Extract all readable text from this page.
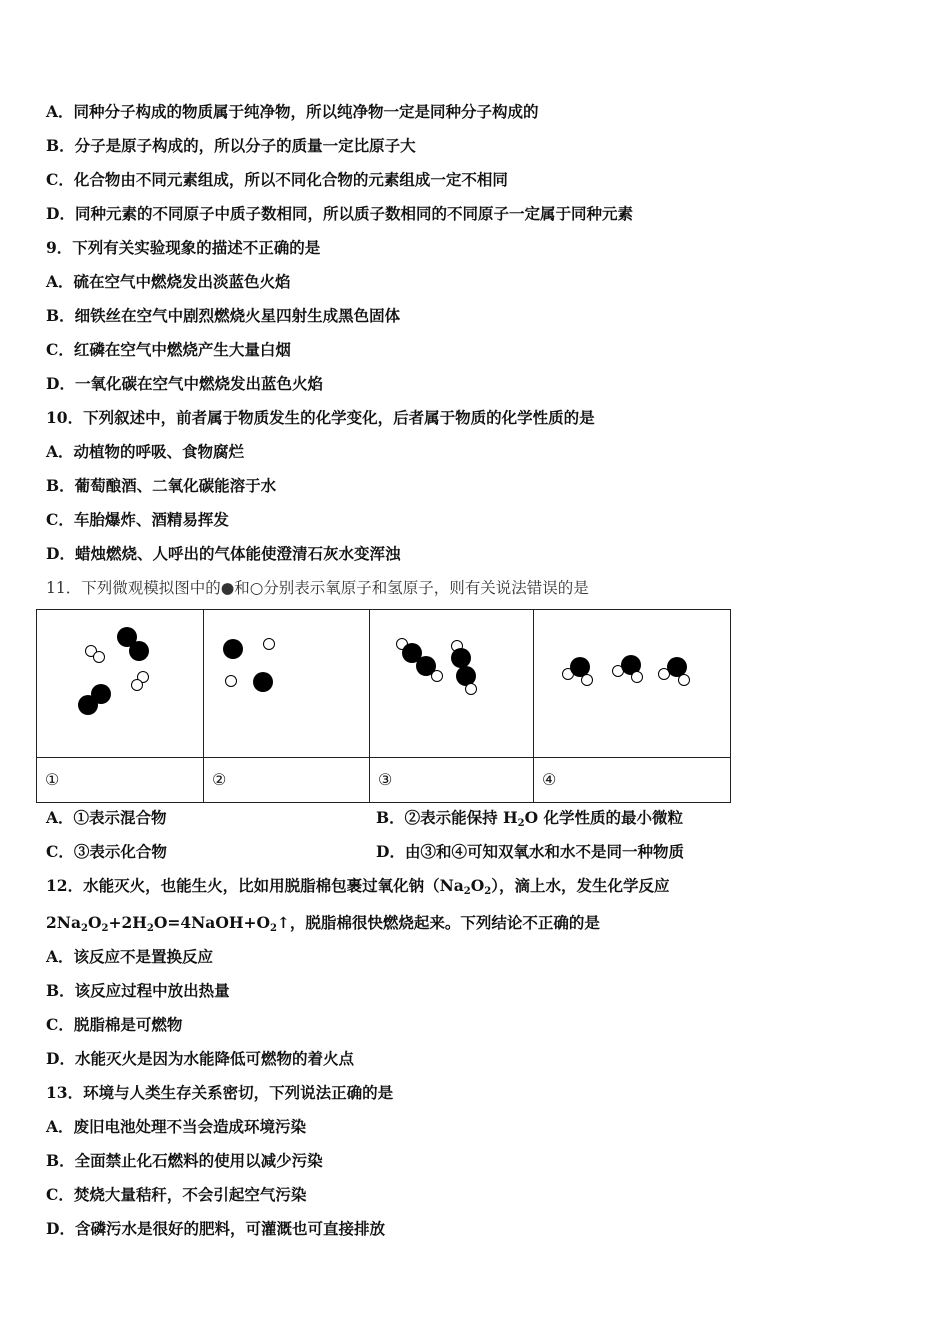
A．同种分子构成的物质属于纯净物，所以纯净物一定是同种分子构成的
B．分子是原子构成的，所以分子的质量一定比原子大
C．化合物由不同元素组成，所以不同化合物的元素组成一定不相同
D．同种元素的不同原子中质子数相同，所以质子数相同的不同原子一定属于同种元素
9．下列有关实验现象的描述不正确的是
A．硫在空气中燃烧发出淡蓝色火焰
B．细铁丝在空气中剧烈燃烧火星四射生成黑色固体
C．红磷在空气中燃烧产生大量白烟
D．一氧化碳在空气中燃烧发出蓝色火焰
10．下列叙述中，前者属于物质发生的化学变化，后者属于物质的化学性质的是
A．动植物的呼吸、食物腐烂
B．葡萄酿酒、二氧化碳能溶于水
C．车胎爆炸、酒精易挥发
D．蜡烛燃烧、人呼出的气体能使澄清石灰水变浑浊
11．下列微观模拟图中的●和○分别表示氧原子和氢原子，则有关说法错误的是

①	②	③	④
A．①表示混合物	B．②表示能保持 $H_2O$ 化学性质的最小微粒
C．③表示化合物	D．由③和④可知双氧水和水不是同一种物质
12．水能灭火，也能生火，比如用脱脂棉包裹过氧化钠$(Na_2O_2)$，滴上水，发生化学反应
$2Na_2O_2+2H_2O=4NaOH+O_2↑$，脱脂棉很快燃烧起来。下列结论不正确的是
A．该反应不是置换反应
B．该反应过程中放出热量
C．脱脂棉是可燃物
D．水能灭火是因为水能降低可燃物的着火点
13．环境与人类生存关系密切，下列说法正确的是
A．废旧电池处理不当会造成环境污染
B．全面禁止化石燃料的使用以减少污染
C．焚烧大量秸秆，不会引起空气污染
D．含磷污水是很好的肥料，可灌溉也可直接排放
